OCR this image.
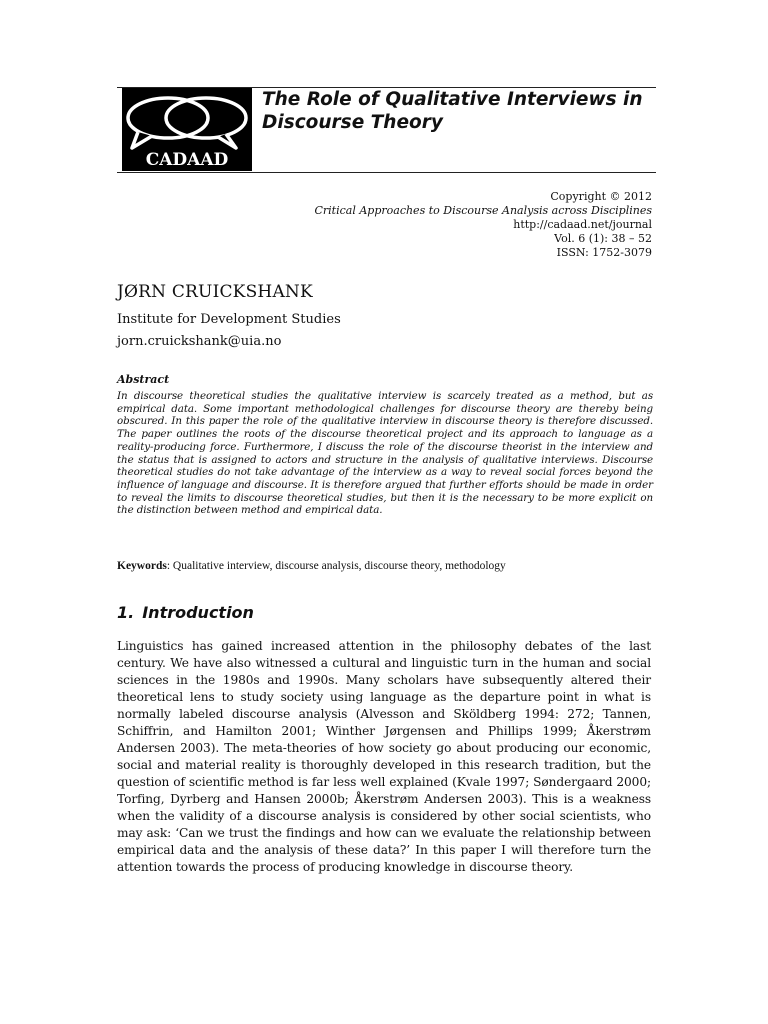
CADAAD
The Role of Qualitative Interviews in Discourse Theory
Copyright © 2012
Critical Approaches to Discourse Analysis across Disciplines
http://cadaad.net/journal
Vol. 6 (1): 38 – 52
ISSN: 1752-3079
JØRN CRUICKSHANK
Institute for Development Studies
jorn.cruickshank@uia.no
Abstract
In discourse theoretical studies the qualitative interview is scarcely treated as a method, but as empirical data. Some important methodological challenges for discourse theory are thereby being obscured. In this paper the role of the qualitative interview in discourse theory is therefore discussed. The paper outlines the roots of the discourse theoretical project and its approach to language as a reality-producing force. Furthermore, I discuss the role of the discourse theorist in the interview and the status that is assigned to actors and structure in the analysis of qualitative interviews. Discourse theoretical studies do not take advantage of the interview as a way to reveal social forces beyond the influence of language and discourse. It is therefore argued that further efforts should be made in order to reveal the limits to discourse theoretical studies, but then it is the necessary to be more explicit on the distinction between method and empirical data.
Keywords: Qualitative interview, discourse analysis, discourse theory, methodology
1. Introduction
Linguistics has gained increased attention in the philosophy debates of the last century. We have also witnessed a cultural and linguistic turn in the human and social sciences in the 1980s and 1990s. Many scholars have subsequently altered their theoretical lens to study society using language as the departure point in what is normally labeled discourse analysis (Alvesson and Sköldberg 1994: 272; Tannen, Schiffrin, and Hamilton 2001; Winther Jørgensen and Phillips 1999; Åkerstrøm Andersen 2003). The meta-theories of how society go about producing our economic, social and material reality is thoroughly developed in this research tradition, but the question of scientific method is far less well explained (Kvale 1997; Søndergaard 2000; Torfing, Dyrberg and Hansen 2000b; Åkerstrøm Andersen 2003). This is a weakness when the validity of a discourse analysis is considered by other social scientists, who may ask: ‘Can we trust the findings and how can we evaluate the relationship between empirical data and the analysis of these data?’ In this paper I will therefore turn the attention towards the process of producing knowledge in discourse theory.
